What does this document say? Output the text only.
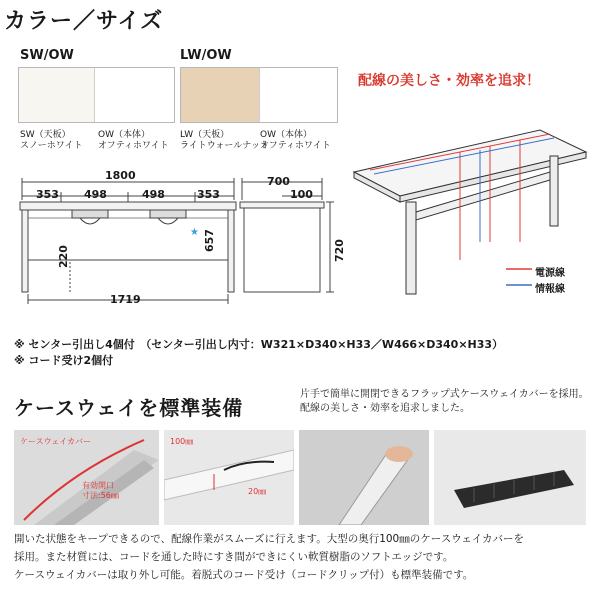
カラー／サイズ
SW/OW	LW/OW
SW（天板）
スノーホワイト
OW（本体）
オフティホワイト
LW（天板）
ライトウォールナット
OW（本体）
オフティホワイト
配線の美しさ・効率を追求！
★
1800
353 498	498	353
220
657
1719
700
100
720
電源線
情報線
※ センター引出し4個付　（センター引出し内寸：W321×D340×H33／W466×D340×H33）
※ コード受け2個付
ケースウェイを標準装備
片手で簡単に開閉できるフラップ式ケースウェイカバーを採用。配線の美しさ・効率を追求しました。
ケースウェイカバー
有効開口
寸法:56㎜
100㎜
20㎜
開いた状態をキープできるので、配線作業がスムーズに行えます。大型の奥行100㎜のケースウェイカバーを
採用。また材質には、コードを通した時にすき間ができにくい軟質樹脂のソフトエッジです。
ケースウェイカバーは取り外し可能。着脱式のコード受け（コードクリップ付）も標準装備です。
